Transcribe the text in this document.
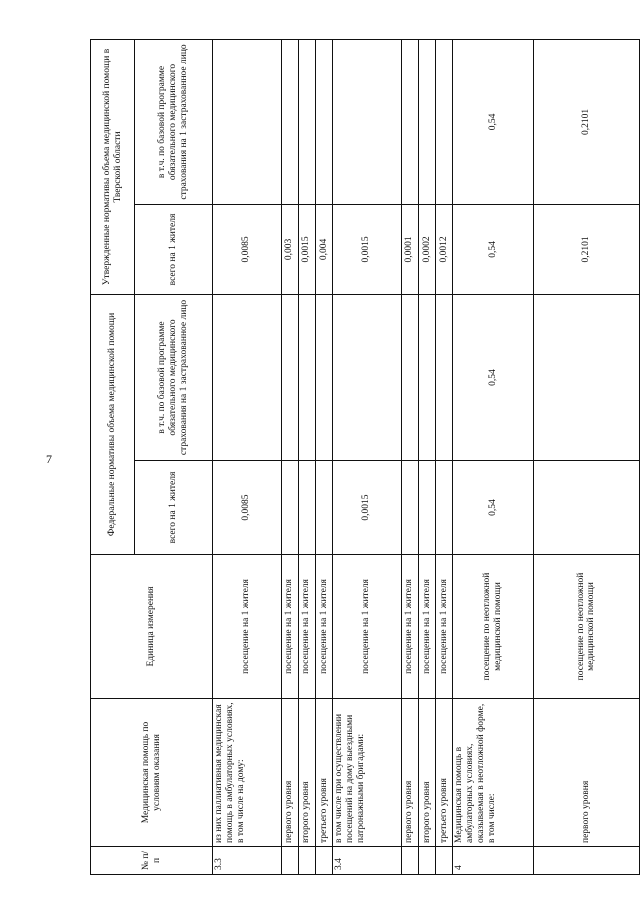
7
№ п/п	Медицинская помощь по условиям оказания	Единица измерения	Федеральные нормативы объема медицинской помощи		Утвержденные нормативы объема медицинской помощи в Тверской области	
			всего на 1 жителя	в т.ч. по базовой программе обязательного медицинского страхования на 1 застрахованное лицо	всего на 1 жителя	в т.ч. по базовой программе обязательного медицинского страхования на 1 застрахованное лицо
3.3	из них паллиативная медицинская помощь в амбулаторных условиях, в том числе на дому:	посещение на 1 жителя	0,0085		0,0085	
	первого уровня	посещение на 1 жителя			0,003	
	второго уровня	посещение на 1 жителя			0,0015	
	третьего уровня	посещение на 1 жителя			0,004	
3.4	в том числе при осуществлении посещений на дому выездными патронажными бригадами:	посещение на 1 жителя	0,0015		0,0015	
	первого уровня	посещение на 1 жителя			0,0001	
	второго уровня	посещение на 1 жителя			0,0002	
	третьего уровня	посещение на 1 жителя			0,0012	
4	Медицинская помощь в амбулаторных условиях, оказываемая в неотложной форме, в том числе:	посещение по неотложной медицинской помощи	0,54	0,54	0,54	0,54
	первого уровня	посещение по неотложной медицинской помощи			0,2101	0,2101
